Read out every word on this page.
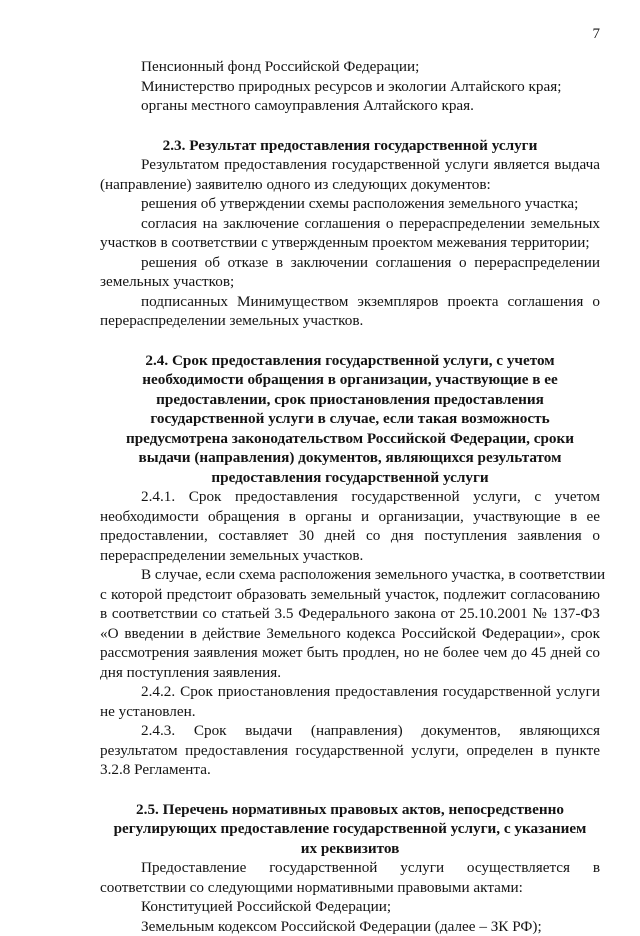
7
Пенсионный фонд Российской Федерации;
Министерство природных ресурсов и экологии Алтайского края;
органы местного самоуправления Алтайского края.
2.3. Результат предоставления государственной услуги
Результатом предоставления государственной услуги является выдача
(направление) заявителю одного из следующих документов:
решения об утверждении схемы расположения земельного участка;
согласия на заключение соглашения о перераспределении земельных
участков в соответствии с утвержденным проектом межевания территории;
решения об отказе в заключении соглашения о перераспределении
земельных участков;
подписанных Минимуществом экземпляров проекта соглашения о
перераспределении земельных участков.
2.4. Срок предоставления государственной услуги, с учетом
необходимости обращения в организации, участвующие в ее
предоставлении, срок приостановления предоставления
государственной услуги в случае, если такая возможность
предусмотрена законодательством Российской Федерации, сроки
выдачи (направления) документов, являющихся результатом
предоставления государственной услуги
2.4.1. Срок предоставления государственной услуги, с учетом
необходимости обращения в органы и организации, участвующие в ее
предоставлении, составляет 30 дней со дня поступления заявления о
перераспределении земельных участков.
В случае, если схема расположения земельного участка, в соответствии
с которой предстоит образовать земельный участок, подлежит согласованию
в соответствии со статьей 3.5 Федерального закона от 25.10.2001 № 137-ФЗ
«О введении в действие Земельного кодекса Российской Федерации», срок
рассмотрения заявления может быть продлен, но не более чем до 45 дней со
дня поступления заявления.
2.4.2. Срок приостановления предоставления государственной услуги
не установлен.
2.4.3. Срок выдачи (направления) документов, являющихся
результатом предоставления государственной услуги, определен в пункте
3.2.8 Регламента.
2.5. Перечень нормативных правовых актов, непосредственно
регулирующих предоставление государственной услуги, с указанием
их реквизитов
Предоставление государственной услуги осуществляется в
соответствии со следующими нормативными правовыми актами:
Конституцией Российской Федерации;
Земельным кодексом Российской Федерации (далее – ЗК РФ);
